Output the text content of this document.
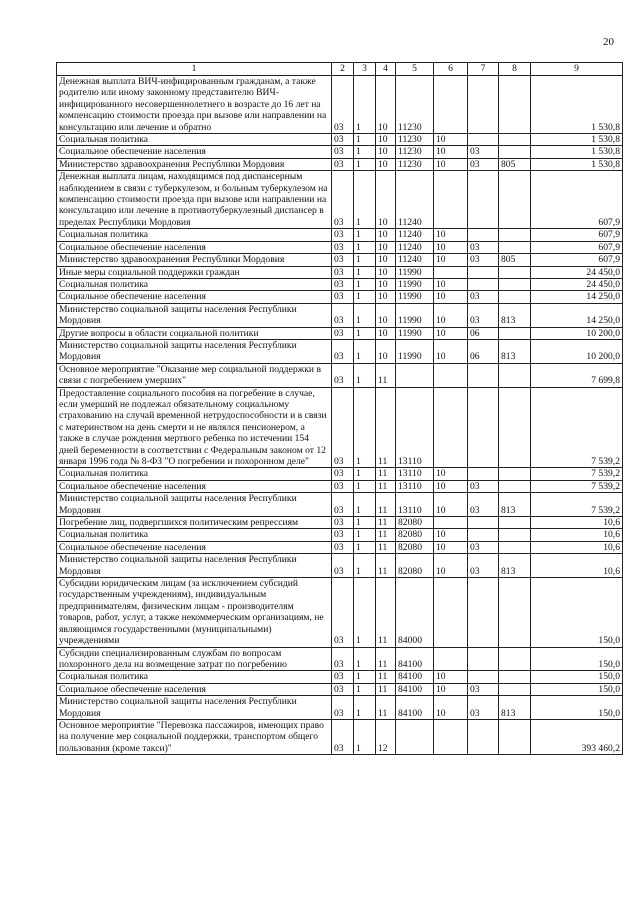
20
1	2	3	4	5	6	7	8	9
Денежная выплата ВИЧ-инфицированным гражданам, а также родителю или иному законному представителю ВИЧ-инфицированного несовершеннолетнего в возрасте до 16 лет на компенсацию стоимости проезда при вызове или направлении на консультацию или лечение и обратно	03	1	10	11230				1 530,8
Социальная политика	03	1	10	11230	10			1 530,8
Социальное обеспечение населения	03	1	10	11230	10	03		1 530,8
Министерство здравоохранения Республики Мордовия	03	1	10	11230	10	03	805	1 530,8
Денежная выплата лицам, находящимся под диспансерным наблюдением в связи с туберкулезом, и больным туберкулезом на компенсацию стоимости проезда при вызове или направлении на консультацию или лечение в противотуберкулезный диспансер в пределах Республики Мордовия	03	1	10	11240				607,9
Социальная политика	03	1	10	11240	10			607,9
Социальное обеспечение населения	03	1	10	11240	10	03		607,9
Министерство здравоохранения Республики Мордовия	03	1	10	11240	10	03	805	607,9
Иные меры социальной поддержки граждан	03	1	10	11990				24 450,0
Социальная политика	03	1	10	11990	10			24 450,0
Социальное обеспечение населения	03	1	10	11990	10	03		14 250,0
Министерство социальной защиты населения Республики Мордовия	03	1	10	11990	10	03	813	14 250,0
Другие вопросы в области социальной политики	03	1	10	11990	10	06		10 200,0
Министерство социальной защиты населения Республики Мордовия	03	1	10	11990	10	06	813	10 200,0
Основное мероприятие "Оказание мер социальной поддержки в связи с погребением умерших"	03	1	11					7 699,8
Предоставление социального пособия на погребение в случае, если умерший не подлежал обязательному социальному страхованию на случай временной нетрудоспособности и в связи с материнством на день смерти и не являлся пенсионером, а также в случае рождения мертвого ребенка по истечении 154 дней беременности в соответствии с Федеральным законом от 12 января 1996 года № 8-ФЗ "О погребении и похоронном деле"	03	1	11	13110				7 539,2
Социальная политика	03	1	11	13110	10			7 539,2
Социальное обеспечение населения	03	1	11	13110	10	03		7 539,2
Министерство социальной защиты населения Республики Мордовия	03	1	11	13110	10	03	813	7 539,2
Погребение лиц, подвергшихся политическим репрессиям	03	1	11	82080				10,6
Социальная политика	03	1	11	82080	10			10,6
Социальное обеспечение населения	03	1	11	82080	10	03		10,6
Министерство социальной защиты населения Республики Мордовия	03	1	11	82080	10	03	813	10,6
Субсидии юридическим лицам (за исключением субсидий государственным учреждениям), индивидуальным предпринимателям, физическим лицам - производителям товаров, работ, услуг, а также некоммерческим организациям, не являющимся государственными (муниципальными) учреждениями	03	1	11	84000				150,0
Субсидии специализированным службам по вопросам похоронного дела на возмещение затрат по погребению	03	1	11	84100				150,0
Социальная политика	03	1	11	84100	10			150,0
Социальное обеспечение населения	03	1	11	84100	10	03		150,0
Министерство социальной защиты населения Республики Мордовия	03	1	11	84100	10	03	813	150,0
Основное мероприятие "Перевозка пассажиров, имеющих право на получение мер социальной поддержки, транспортом общего пользования (кроме такси)"	03	1	12					393 460,2
